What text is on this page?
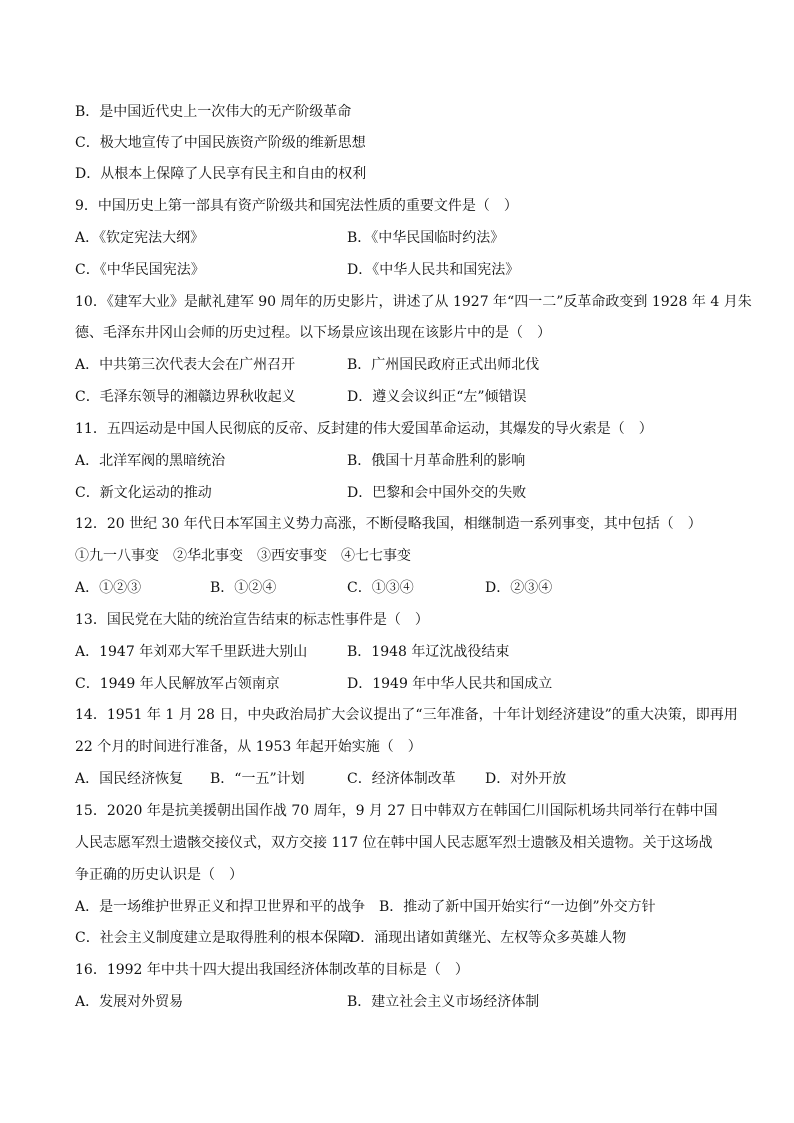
B．是中国近代史上一次伟大的无产阶级革命
C．极大地宣传了中国民族资产阶级的维新思想
D．从根本上保障了人民享有民主和自由的权利
9．中国历史上第一部具有资产阶级共和国宪法性质的重要文件是（　）
A．《钦定宪法大纲》	B．《中华民国临时约法》
C．《中华民国宪法》	D．《中华人民共和国宪法》
10．《建军大业》是献礼建军 90 周年的历史影片，讲述了从 1927 年“四一二”反革命政变到 1928 年 4 月朱
德、毛泽东井冈山会师的历史过程。以下场景应该出现在该影片中的是（　）
A．中共第三次代表大会在广州召开	B．广州国民政府正式出师北伐
C．毛泽东领导的湘赣边界秋收起义	D．遵义会议纠正“左”倾错误
11．五四运动是中国人民彻底的反帝、反封建的伟大爱国革命运动，其爆发的导火索是（　）
A．北洋军阀的黑暗统治	B．俄国十月革命胜利的影响
C．新文化运动的推动	D．巴黎和会中国外交的失败
12．20 世纪 30 年代日本军国主义势力高涨，不断侵略我国，相继制造一系列事变，其中包括（　）
①九一八事变　②华北事变　③西安事变　④七七事变
A．①②③	B．①②④	C．①③④	D．②③④
13．国民党在大陆的统治宣告结束的标志性事件是（　）
A．1947 年刘邓大军千里跃进大别山	B．1948 年辽沈战役结束
C．1949 年人民解放军占领南京	D．1949 年中华人民共和国成立
14．1951 年 1 月 28 日，中央政治局扩大会议提出了“三年准备，十年计划经济建设”的重大决策，即再用
22 个月的时间进行准备，从 1953 年起开始实施（　）
A．国民经济恢复 B．“一五”计划	C．经济体制改革 D．对外开放
15．2020 年是抗美援朝出国作战 70 周年，9 月 27 日中韩双方在韩国仁川国际机场共同举行在韩中国
人民志愿军烈士遗骸交接仪式，双方交接 117 位在韩中国人民志愿军烈士遗骸及相关遗物。关于这场战
争正确的历史认识是（　）
A．是一场维护世界正义和捍卫世界和平的战争 B．推动了新中国开始实行“一边倒”外交方针
C．社会主义制度建立是取得胜利的根本保障
D．涌现出诸如黄继光、左权等众多英雄人物
16．1992 年中共十四大提出我国经济体制改革的目标是（　）
A．发展对外贸易	B．建立社会主义市场经济体制
